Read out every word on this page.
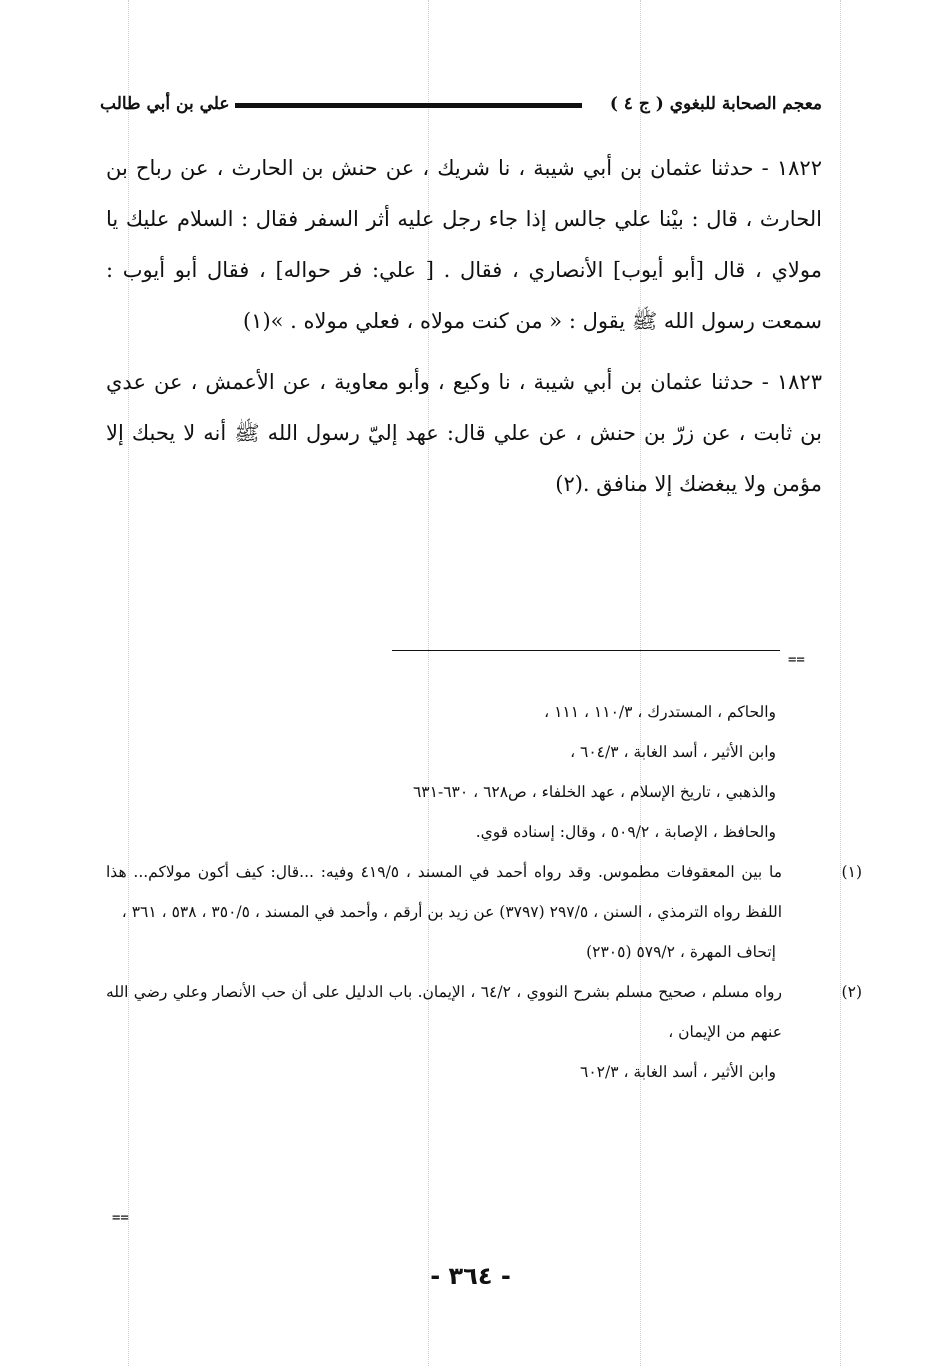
معجم الصحابة للبغوي ( ج ٤ )
علي بن أبي طالب

١٨٢٢ - حدثنا عثمان بن أبي شيبة ، نا شريك ، عن حنش بن الحارث ، عن رباح بن الحارث ، قال : بيْنا علي جالس إذا جاء رجل عليه أثر السفر فقال : السلام عليك يا مولاي ، قال [أبو أيوب] الأنصاري ، فقال . [ علي: فر حواله] ، فقال أبو أيوب : سمعت رسول الله ﷺ يقول : « من كنت مولاه ، فعلي مولاه . »(١)

١٨٢٣ - حدثنا عثمان بن أبي شيبة ، نا وكيع ، وأبو معاوية ، عن الأعمش ، عن عدي بن ثابت ، عن زرّ بن حنش ، عن علي قال: عهد إليّ رسول الله ﷺ أنه لا يحبك إلا مؤمن ولا يبغضك إلا منافق .(٢)

==
والحاكم ، المستدرك ، ١١٠/٣ ، ١١١ ،
وابن الأثير ، أسد الغابة ، ٦٠٤/٣ ،
والذهبي ، تاريخ الإسلام ، عهد الخلفاء ، ص٦٢٨ ، ٦٣٠-٦٣١
والحافظ ، الإصابة ، ٥٠٩/٢ ، وقال: إسناده قوي.
(١)ما بين المعقوفات مطموس. وقد رواه أحمد في المسند ، ٤١٩/٥ وفيه: ...قال: كيف أكون مولاكم... هذا اللفظ رواه الترمذي ، السنن ، ٢٩٧/٥ (٣٧٩٧) عن زيد بن أرقم ، وأحمد في المسند ، ٣٥٠/٥ ، ٥٣٨ ، ٣٦١ ،
إتحاف المهرة ، ٥٧٩/٢ (٢٣٠٥)
(٢)رواه مسلم ، صحيح مسلم بشرح النووي ، ٦٤/٢ ، الإيمان. باب الدليل على أن حب الأنصار وعلي رضي الله عنهم من الإيمان ،
وابن الأثير ، أسد الغابة ، ٦٠٢/٣
==
- ٣٦٤ -
